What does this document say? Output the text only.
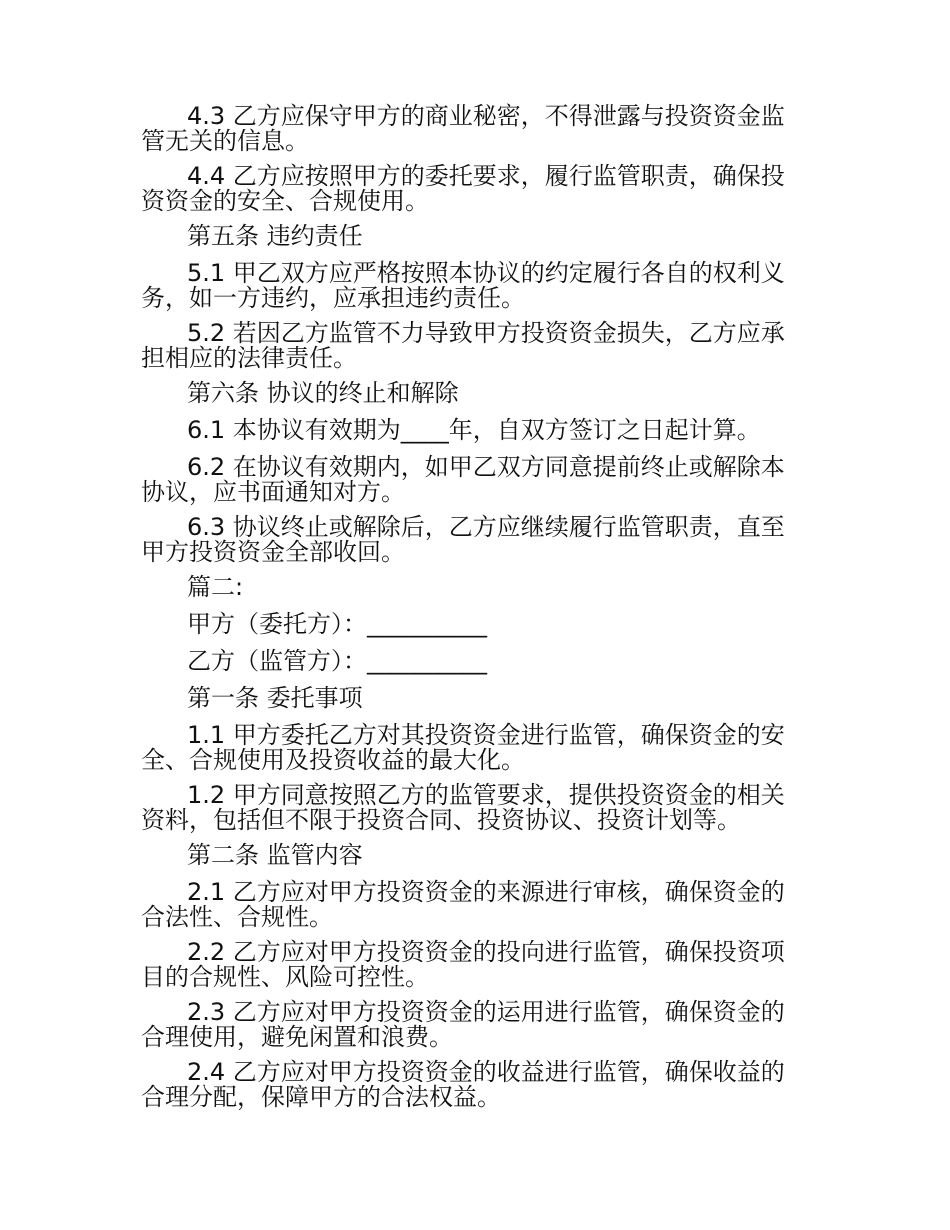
4.3 乙方应保守甲方的商业秘密，不得泄露与投资资金监管无关的信息。

4.4 乙方应按照甲方的委托要求，履行监管职责，确保投资资金的安全、合规使用。

第五条 违约责任

5.1 甲乙双方应严格按照本协议的约定履行各自的权利义务，如一方违约，应承担违约责任。

5.2 若因乙方监管不力导致甲方投资资金损失，乙方应承担相应的法律责任。

第六条 协议的终止和解除

6.1 本协议有效期为____年，自双方签订之日起计算。

6.2 在协议有效期内，如甲乙双方同意提前终止或解除本协议，应书面通知对方。

6.3 协议终止或解除后，乙方应继续履行监管职责，直至甲方投资资金全部收回。

篇二:

甲方（委托方）：__________

乙方（监管方）：__________

第一条 委托事项

1.1 甲方委托乙方对其投资资金进行监管，确保资金的安全、合规使用及投资收益的最大化。

1.2 甲方同意按照乙方的监管要求，提供投资资金的相关资料，包括但不限于投资合同、投资协议、投资计划等。

第二条 监管内容

2.1 乙方应对甲方投资资金的来源进行审核，确保资金的合法性、合规性。

2.2 乙方应对甲方投资资金的投向进行监管，确保投资项目的合规性、风险可控性。

2.3 乙方应对甲方投资资金的运用进行监管，确保资金的合理使用，避免闲置和浪费。

2.4 乙方应对甲方投资资金的收益进行监管，确保收益的合理分配，保障甲方的合法权益。
